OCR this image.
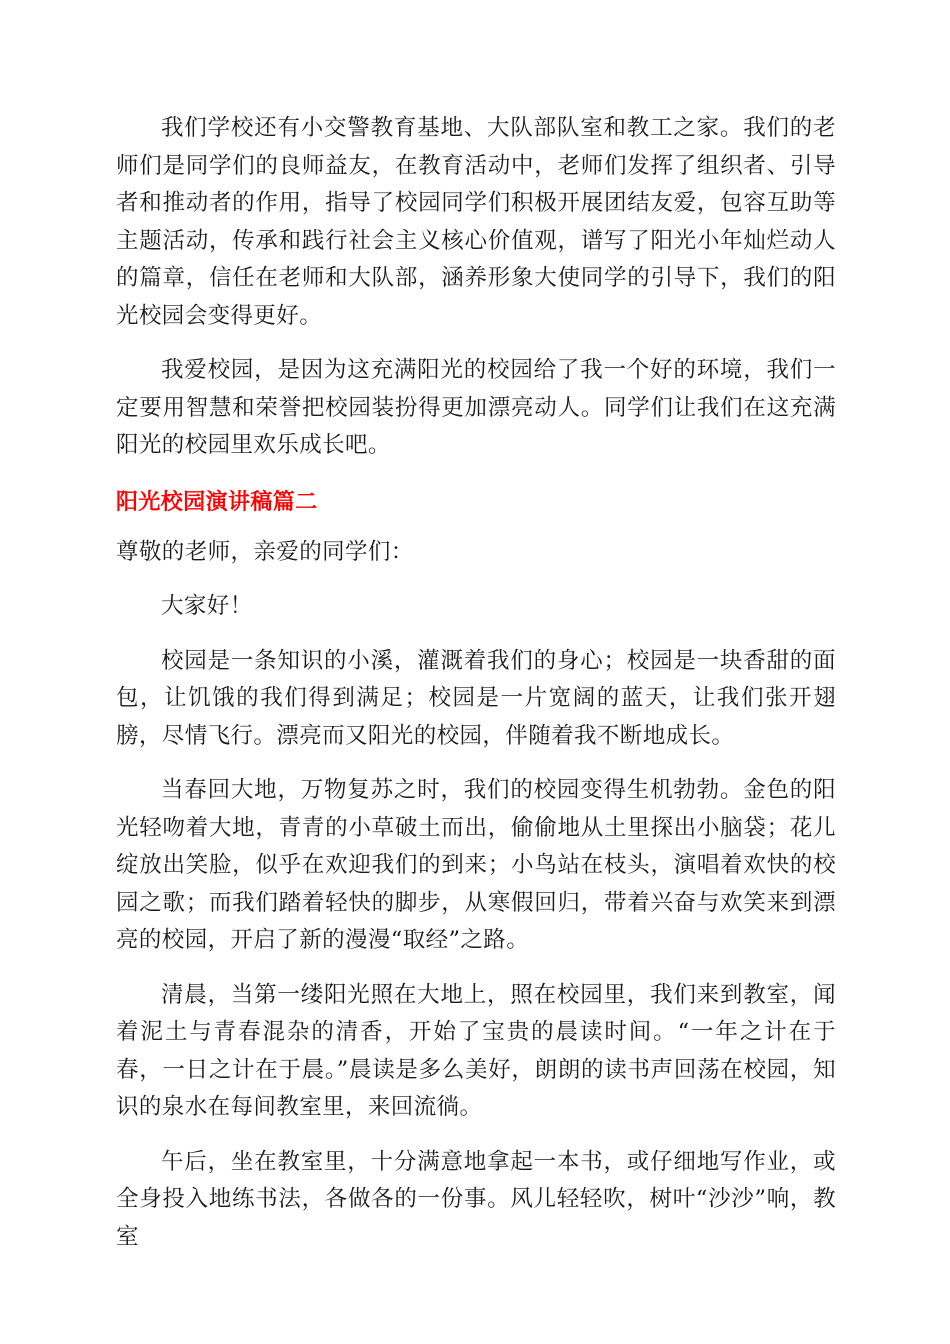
我们学校还有小交警教育基地、大队部队室和教工之家。我们的老师们是同学们的良师益友，在教育活动中，老师们发挥了组织者、引导者和推动者的作用，指导了校园同学们积极开展团结友爱，包容互助等主题活动，传承和践行社会主义核心价值观，谱写了阳光小年灿烂动人的篇章，信任在老师和大队部，涵养形象大使同学的引导下，我们的阳光校园会变得更好。

我爱校园，是因为这充满阳光的校园给了我一个好的环境，我们一定要用智慧和荣誉把校园装扮得更加漂亮动人。同学们让我们在这充满阳光的校园里欢乐成长吧。

阳光校园演讲稿篇二

尊敬的老师，亲爱的同学们：

大家好！

校园是一条知识的小溪，灌溉着我们的身心；校园是一块香甜的面包，让饥饿的我们得到满足；校园是一片宽阔的蓝天，让我们张开翅膀，尽情飞行。漂亮而又阳光的校园，伴随着我不断地成长。

当春回大地，万物复苏之时，我们的校园变得生机勃勃。金色的阳光轻吻着大地，青青的小草破土而出，偷偷地从土里探出小脑袋；花儿绽放出笑脸，似乎在欢迎我们的到来；小鸟站在枝头，演唱着欢快的校园之歌；而我们踏着轻快的脚步，从寒假回归，带着兴奋与欢笑来到漂亮的校园，开启了新的漫漫“取经”之路。

清晨，当第一缕阳光照在大地上，照在校园里，我们来到教室，闻着泥土与青春混杂的清香，开始了宝贵的晨读时间。“一年之计在于春，一日之计在于晨。”晨读是多么美好，朗朗的读书声回荡在校园，知识的泉水在每间教室里，来回流徜。

午后，坐在教室里，十分满意地拿起一本书，或仔细地写作业，或全身投入地练书法，各做各的一份事。风儿轻轻吹，树叶“沙沙”响，教室
